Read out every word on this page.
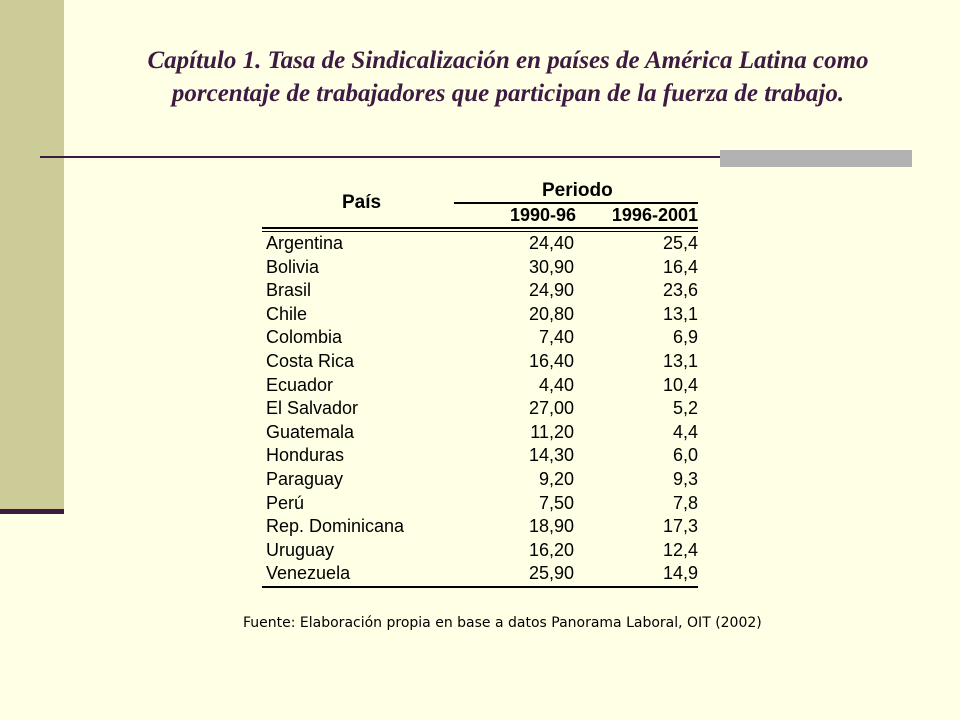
Capítulo 1. Tasa de Sindicalización en países de América Latina como
porcentaje de trabajadores que participan de la fuerza de trabajo.
País
Periodo
1990-96	1996-2001
Argentina	24,40	25,4
Bolivia	30,90	16,4
Brasil	24,90	23,6
Chile	20,80	13,1
Colombia	7,40	6,9
Costa Rica	16,40	13,1
Ecuador	4,40	10,4
El Salvador	27,00	5,2
Guatemala	11,20	4,4
Honduras	14,30	6,0
Paraguay	9,20	9,3
Perú	7,50	7,8
Rep. Dominicana	18,90	17,3
Uruguay	16,20	12,4
Venezuela	25,90	14,9
Fuente: Elaboración propia en base a datos Panorama Laboral, OIT (2002)
